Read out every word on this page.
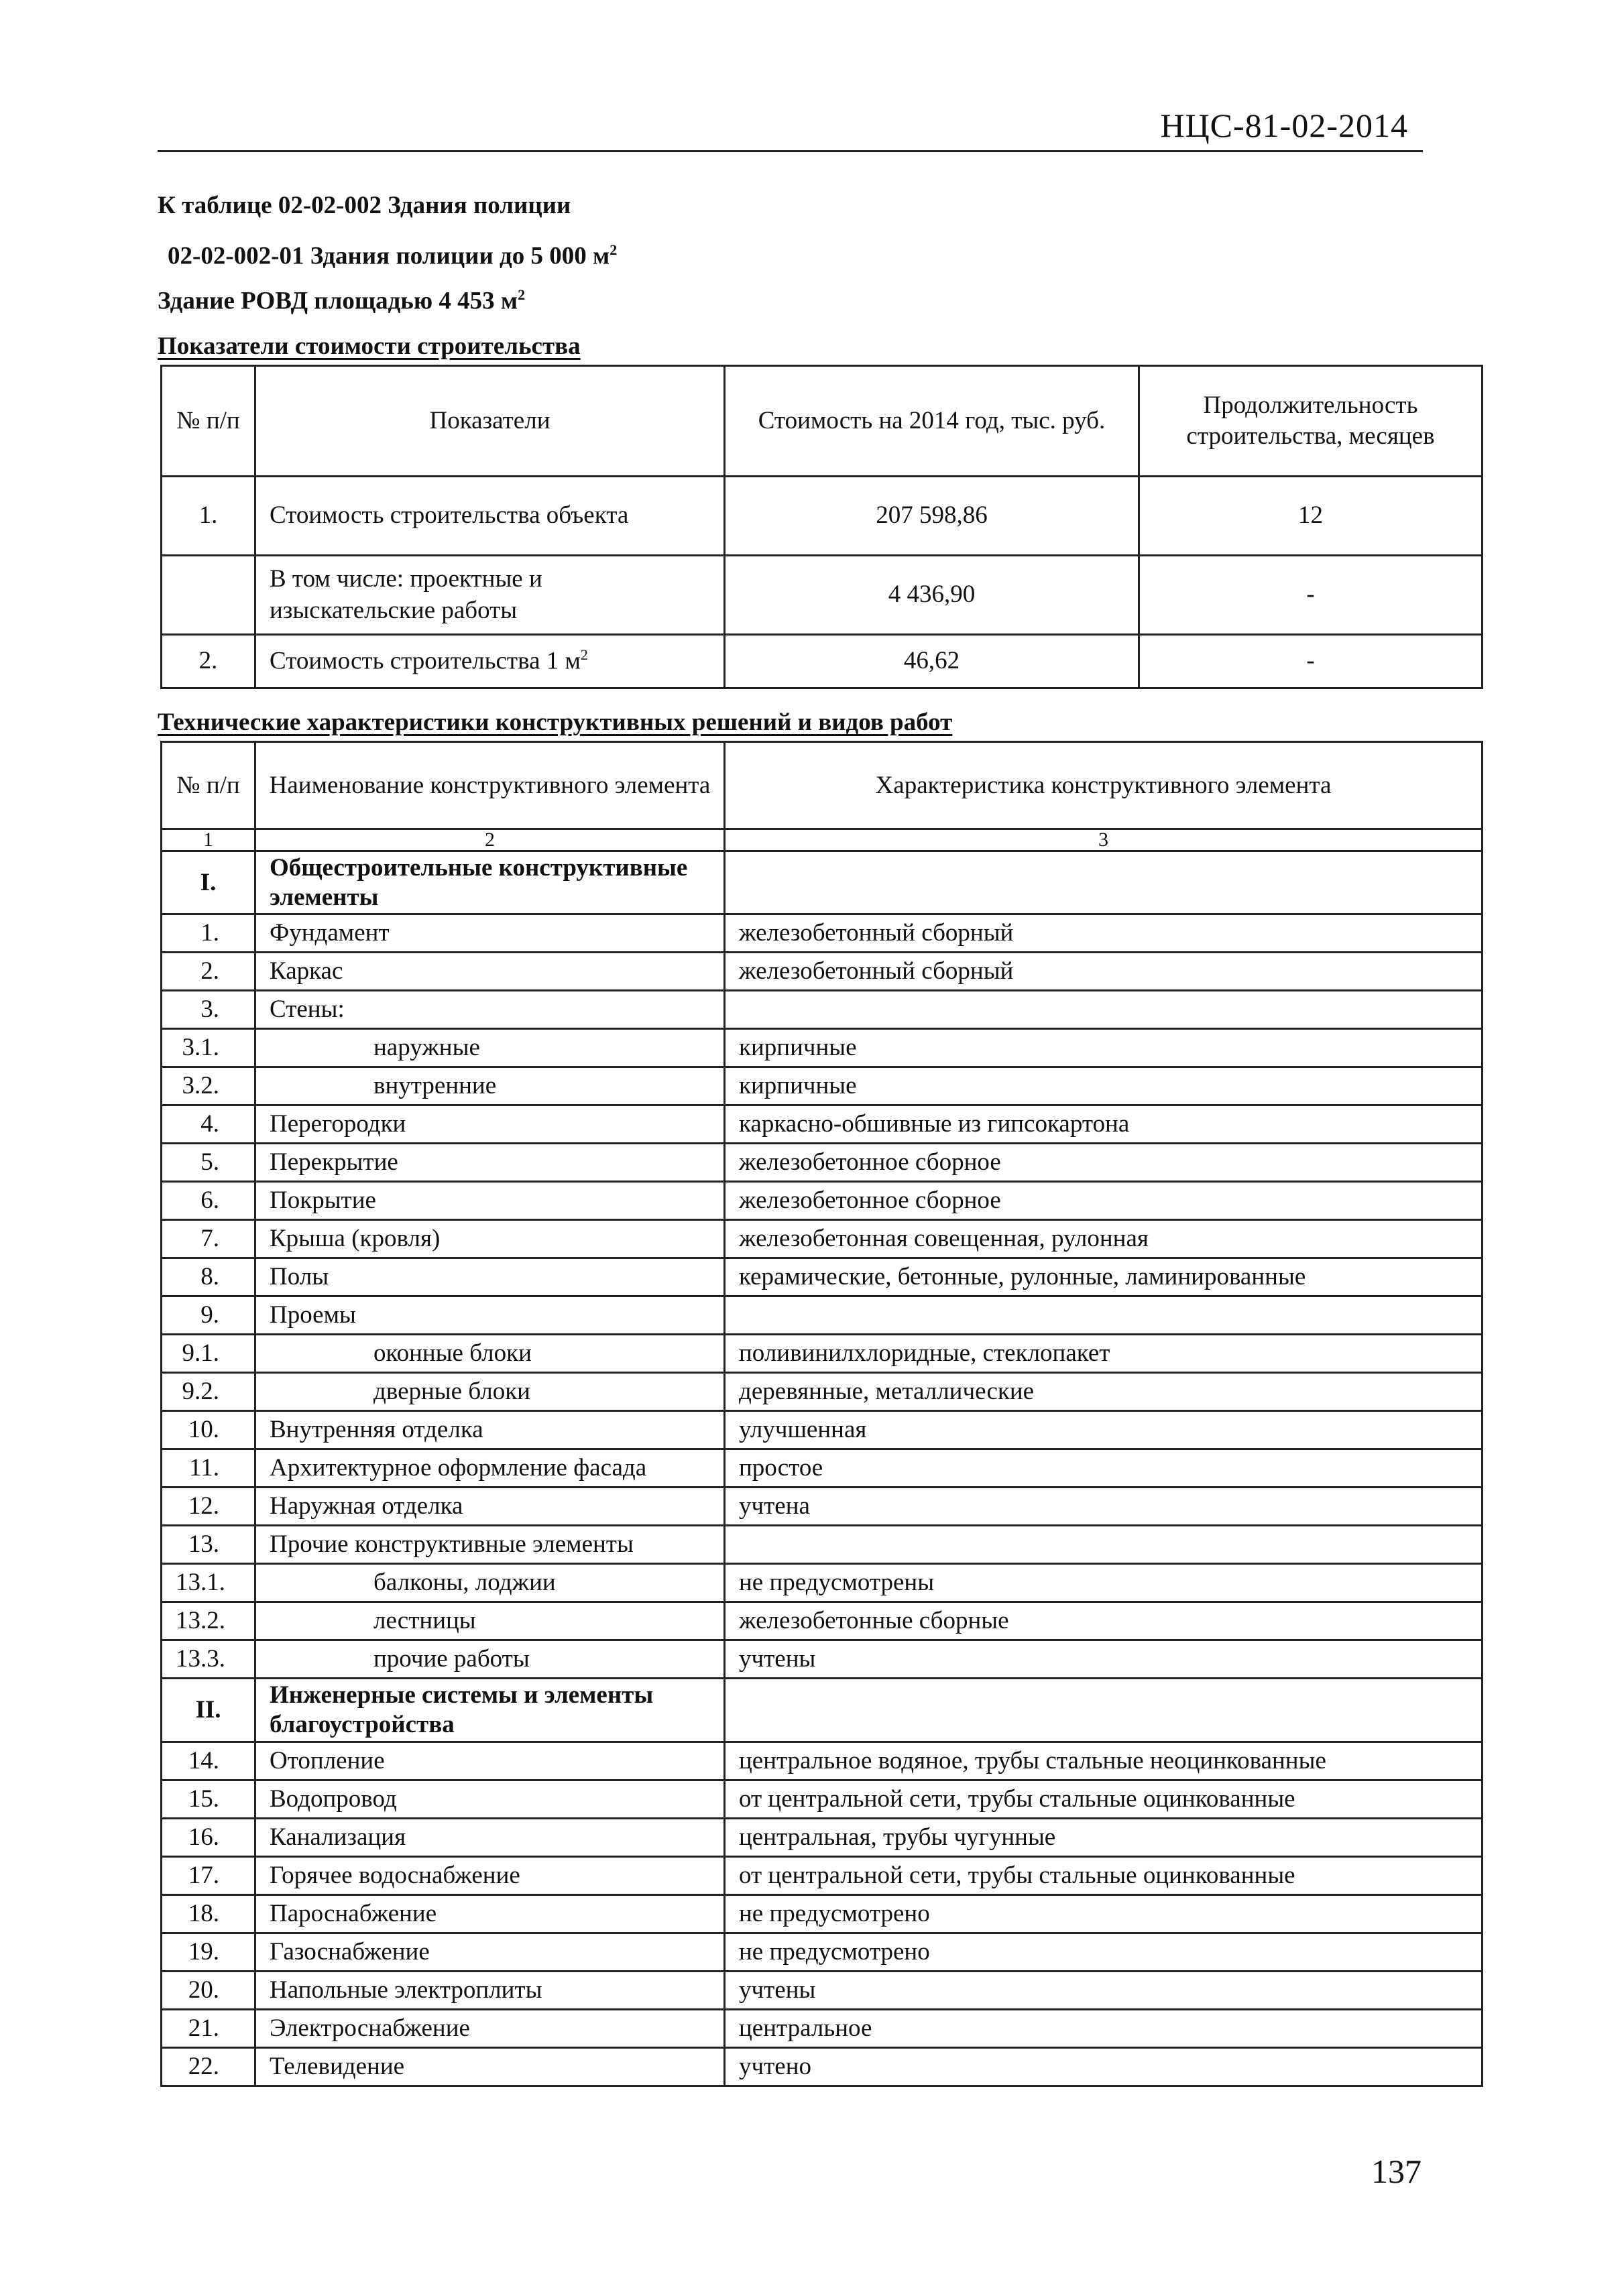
НЦС-81-02-2014
К таблице 02-02-002 Здания полиции
02-02-002-01 Здания полиции до 5 000 $м^2$
Здание РОВД площадью 4 453 $м^2$
Показатели стоимости строительства
№ п/п	Показатели	Стоимость на 2014 год, тыс. руб.	Продолжительность строительства, месяцев
1.	Стоимость строительства объекта	207 598,86	12
	В том числе: проектные и изыскательские работы	4 436,90	-
2.	Стоимость строительства 1 $м^2$	46,62	-
Технические характеристики конструктивных решений и видов работ
№ п/п	Наименование конструктивного элемента	Характеристика конструктивного элемента
1	2	3
I.	Общестроительные конструктивные элементы	
1.	Фундамент	железобетонный сборный
2.	Каркас	железобетонный сборный
3.	Стены:	
3.1.	наружные	кирпичные
3.2.	внутренние	кирпичные
4.	Перегородки	каркасно-обшивные из гипсокартона
5.	Перекрытие	железобетонное сборное
6.	Покрытие	железобетонное сборное
7.	Крыша (кровля)	железобетонная совещенная, рулонная
8.	Полы	керамические, бетонные, рулонные, ламинированные
9.	Проемы	
9.1.	оконные блоки	поливинилхлоридные, стеклопакет
9.2.	дверные блоки	деревянные, металлические
10.	Внутренняя отделка	улучшенная
11.	Архитектурное оформление фасада	простое
12.	Наружная отделка	учтена
13.	Прочие конструктивные элементы	
13.1.	балконы, лоджии	не предусмотрены
13.2.	лестницы	железобетонные сборные
13.3.	прочие работы	учтены
II.	Инженерные системы и элементы благоустройства	
14.	Отопление	центральное водяное, трубы стальные неоцинкованные
15.	Водопровод	от центральной сети, трубы стальные оцинкованные
16.	Канализация	центральная, трубы чугунные
17.	Горячее водоснабжение	от центральной сети, трубы стальные оцинкованные
18.	Пароснабжение	не предусмотрено
19.	Газоснабжение	не предусмотрено
20.	Напольные электроплиты	учтены
21.	Электроснабжение	центральное
22.	Телевидение	учтено
137
